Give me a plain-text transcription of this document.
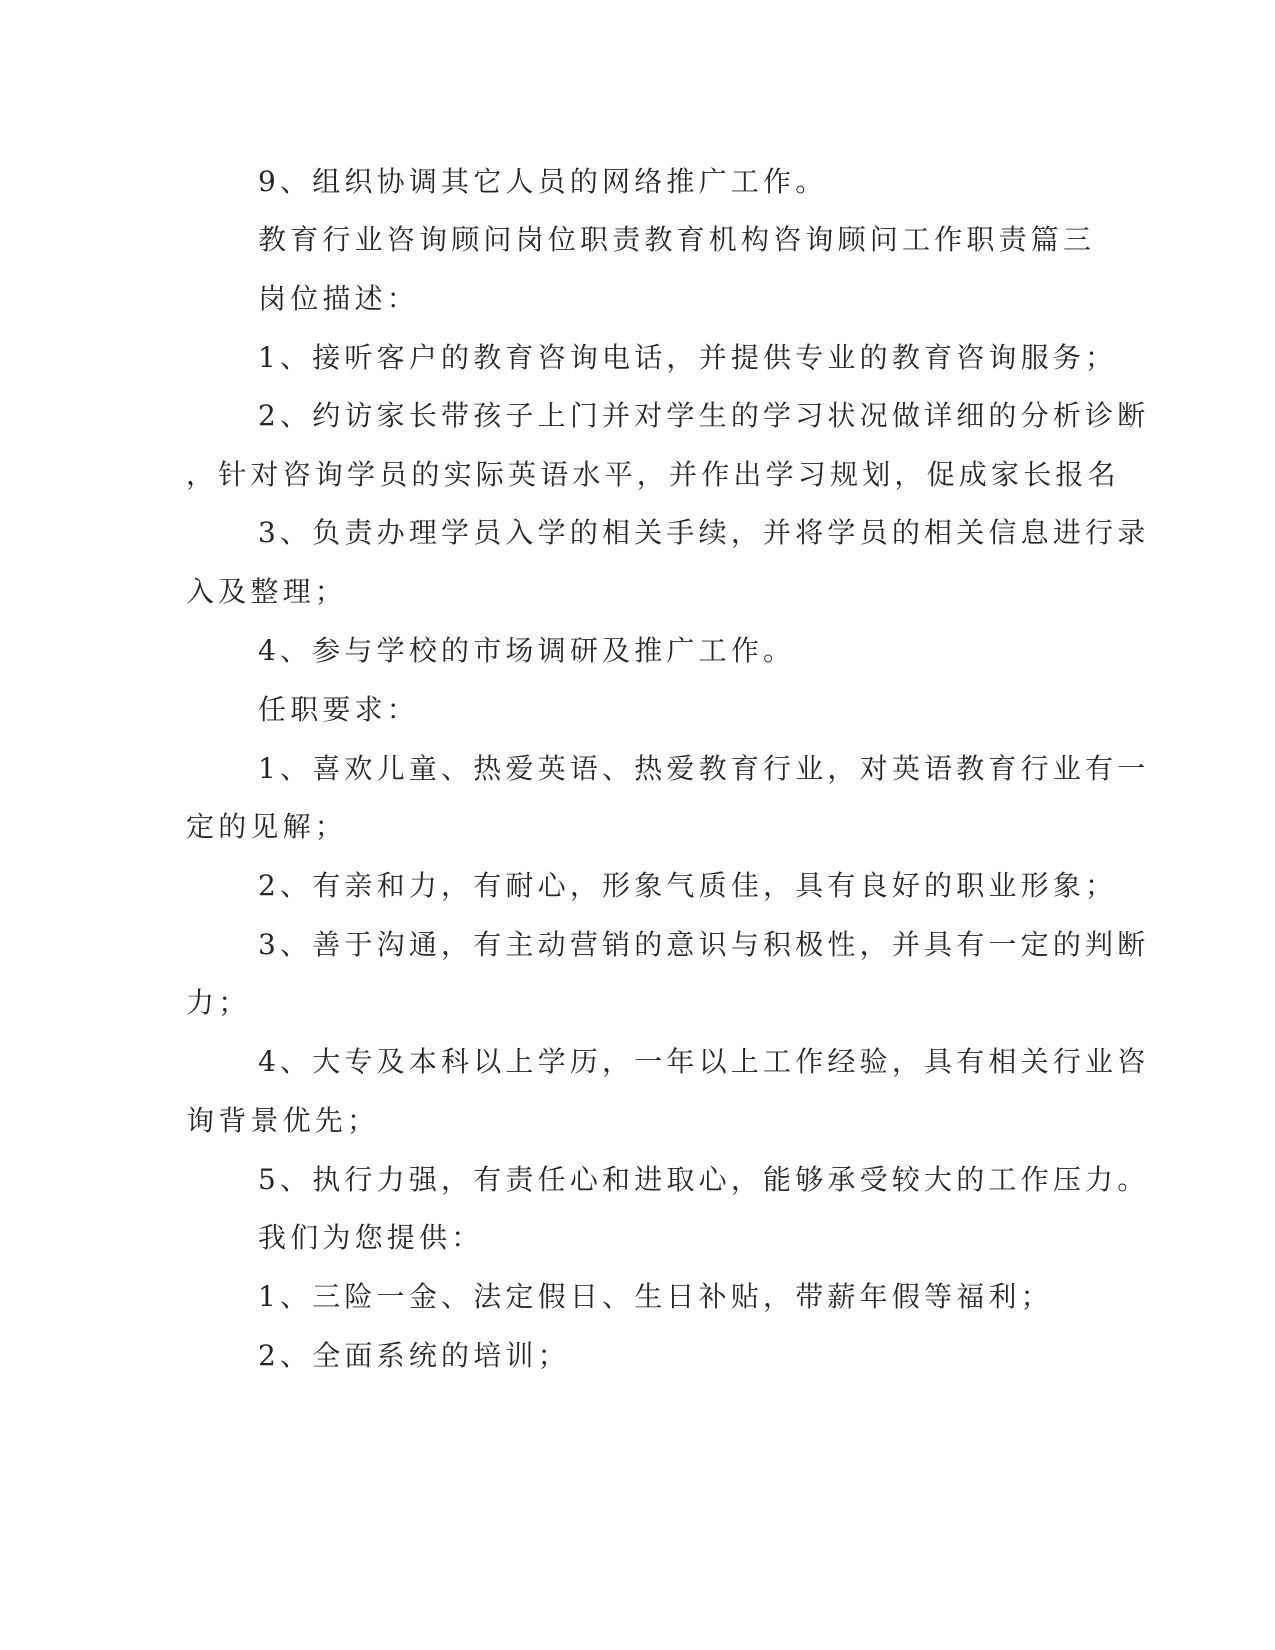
9、组织协调其它人员的网络推广工作。
教育行业咨询顾问岗位职责教育机构咨询顾问工作职责篇三
岗位描述：
1、接听客户的教育咨询电话，并提供专业的教育咨询服务；
2、约访家长带孩子上门并对学生的学习状况做详细的分析诊断
，针对咨询学员的实际英语水平，并作出学习规划，促成家长报名
3、负责办理学员入学的相关手续，并将学员的相关信息进行录
入及整理；
4、参与学校的市场调研及推广工作。
任职要求：
1、喜欢儿童、热爱英语、热爱教育行业，对英语教育行业有一
定的见解；
2、有亲和力，有耐心，形象气质佳，具有良好的职业形象；
3、善于沟通，有主动营销的意识与积极性，并具有一定的判断
力；
4、大专及本科以上学历，一年以上工作经验，具有相关行业咨
询背景优先；
5、执行力强，有责任心和进取心，能够承受较大的工作压力。
我们为您提供：
1、三险一金、法定假日、生日补贴，带薪年假等福利；
2、全面系统的培训；
